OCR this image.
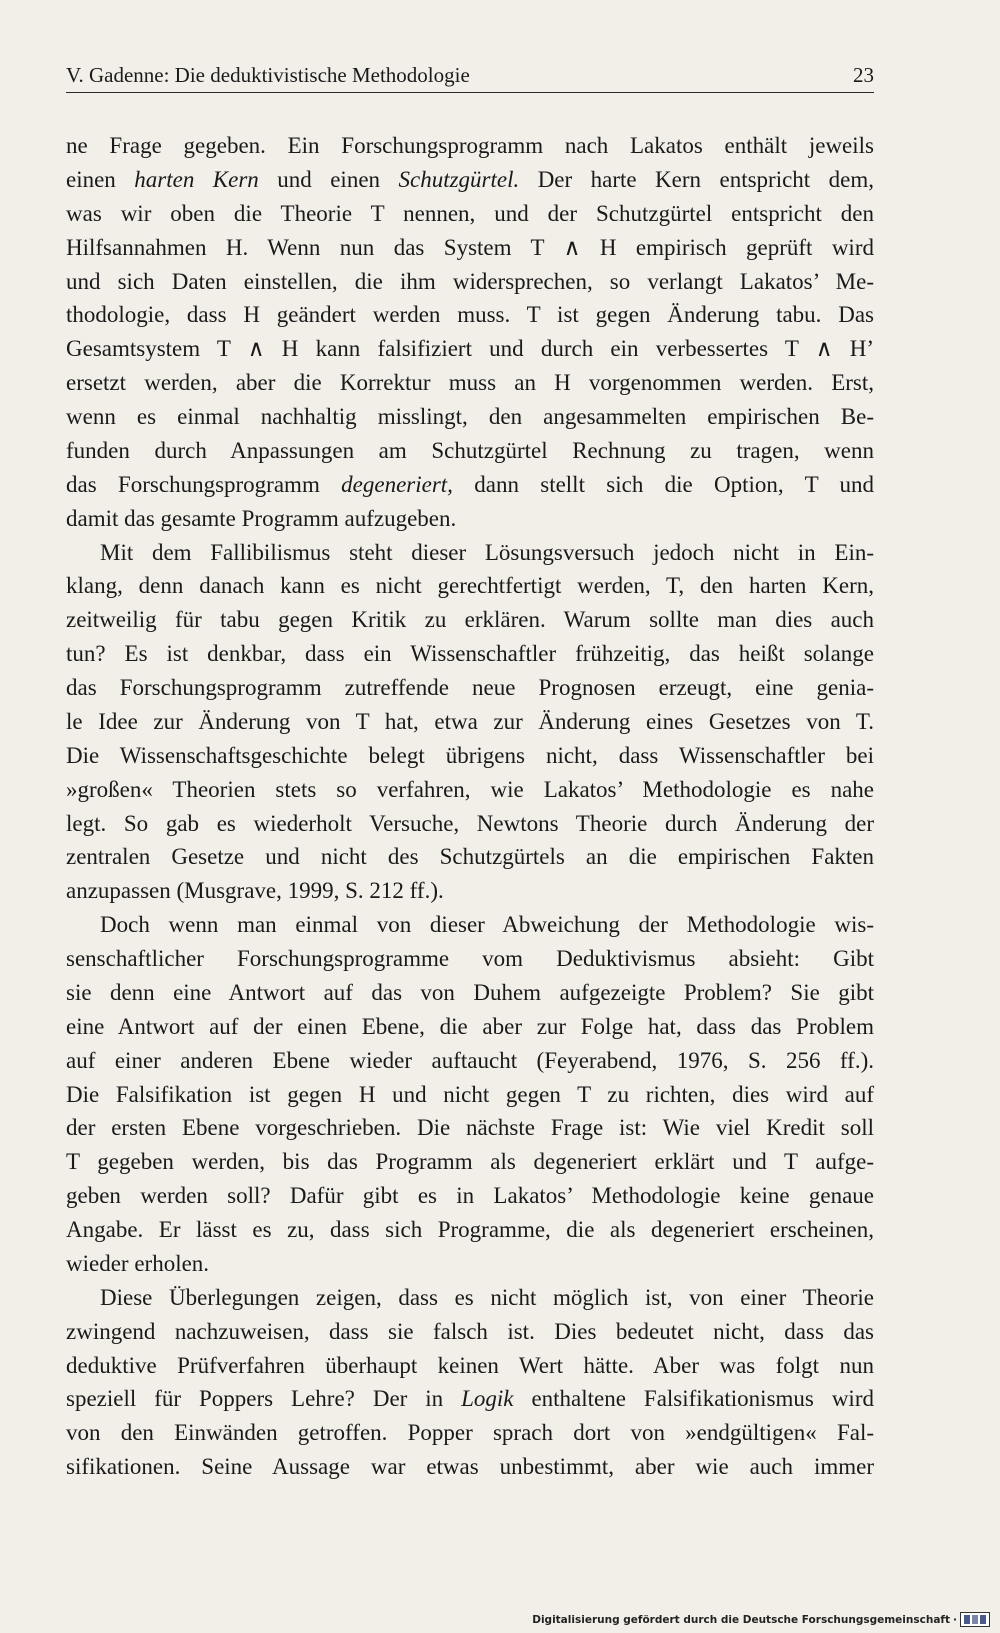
V. Gadenne: Die deduktivistische Methodologie	23
ne Frage gegeben. Ein Forschungsprogramm nach Lakatos enthält jeweils
einen harten Kern und einen Schutzgürtel. Der harte Kern entspricht dem,
was wir oben die Theorie T nennen, und der Schutzgürtel entspricht den
Hilfsannahmen H. Wenn nun das System T ∧ H empirisch geprüft wird
und sich Daten einstellen, die ihm widersprechen, so verlangt Lakatos’ Me-
thodologie, dass H geändert werden muss. T ist gegen Änderung tabu. Das
Gesamtsystem T ∧ H kann falsifiziert und durch ein verbessertes T ∧ H’
ersetzt werden, aber die Korrektur muss an H vorgenommen werden. Erst,
wenn es einmal nachhaltig misslingt, den angesammelten empirischen Be-
funden durch Anpassungen am Schutzgürtel Rechnung zu tragen, wenn
das Forschungsprogramm degeneriert, dann stellt sich die Option, T und
damit das gesamte Programm aufzugeben.
Mit dem Fallibilismus steht dieser Lösungsversuch jedoch nicht in Ein-
klang, denn danach kann es nicht gerechtfertigt werden, T, den harten Kern,
zeitweilig für tabu gegen Kritik zu erklären. Warum sollte man dies auch
tun? Es ist denkbar, dass ein Wissenschaftler frühzeitig, das heißt solange
das Forschungsprogramm zutreffende neue Prognosen erzeugt, eine genia-
le Idee zur Änderung von T hat, etwa zur Änderung eines Gesetzes von T.
Die Wissenschaftsgeschichte belegt übrigens nicht, dass Wissenschaftler bei
»großen« Theorien stets so verfahren, wie Lakatos’ Methodologie es nahe
legt. So gab es wiederholt Versuche, Newtons Theorie durch Änderung der
zentralen Gesetze und nicht des Schutzgürtels an die empirischen Fakten
anzupassen (Musgrave, 1999, S. 212 ff.).
Doch wenn man einmal von dieser Abweichung der Methodologie wis-
senschaftlicher Forschungsprogramme vom Deduktivismus absieht: Gibt
sie denn eine Antwort auf das von Duhem aufgezeigte Problem? Sie gibt
eine Antwort auf der einen Ebene, die aber zur Folge hat, dass das Problem
auf einer anderen Ebene wieder auftaucht (Feyerabend, 1976, S. 256 ff.).
Die Falsifikation ist gegen H und nicht gegen T zu richten, dies wird auf
der ersten Ebene vorgeschrieben. Die nächste Frage ist: Wie viel Kredit soll
T gegeben werden, bis das Programm als degeneriert erklärt und T aufge-
geben werden soll? Dafür gibt es in Lakatos’ Methodologie keine genaue
Angabe. Er lässt es zu, dass sich Programme, die als degeneriert erscheinen,
wieder erholen.
Diese Überlegungen zeigen, dass es nicht möglich ist, von einer Theorie
zwingend nachzuweisen, dass sie falsch ist. Dies bedeutet nicht, dass das
deduktive Prüfverfahren überhaupt keinen Wert hätte. Aber was folgt nun
speziell für Poppers Lehre? Der in Logik enthaltene Falsifikationismus wird
von den Einwänden getroffen. Popper sprach dort von »endgültigen« Fal-
sifikationen. Seine Aussage war etwas unbestimmt, aber wie auch immer
Digitalisierung gefördert durch die Deutsche Forschungsgemeinschaft ·
